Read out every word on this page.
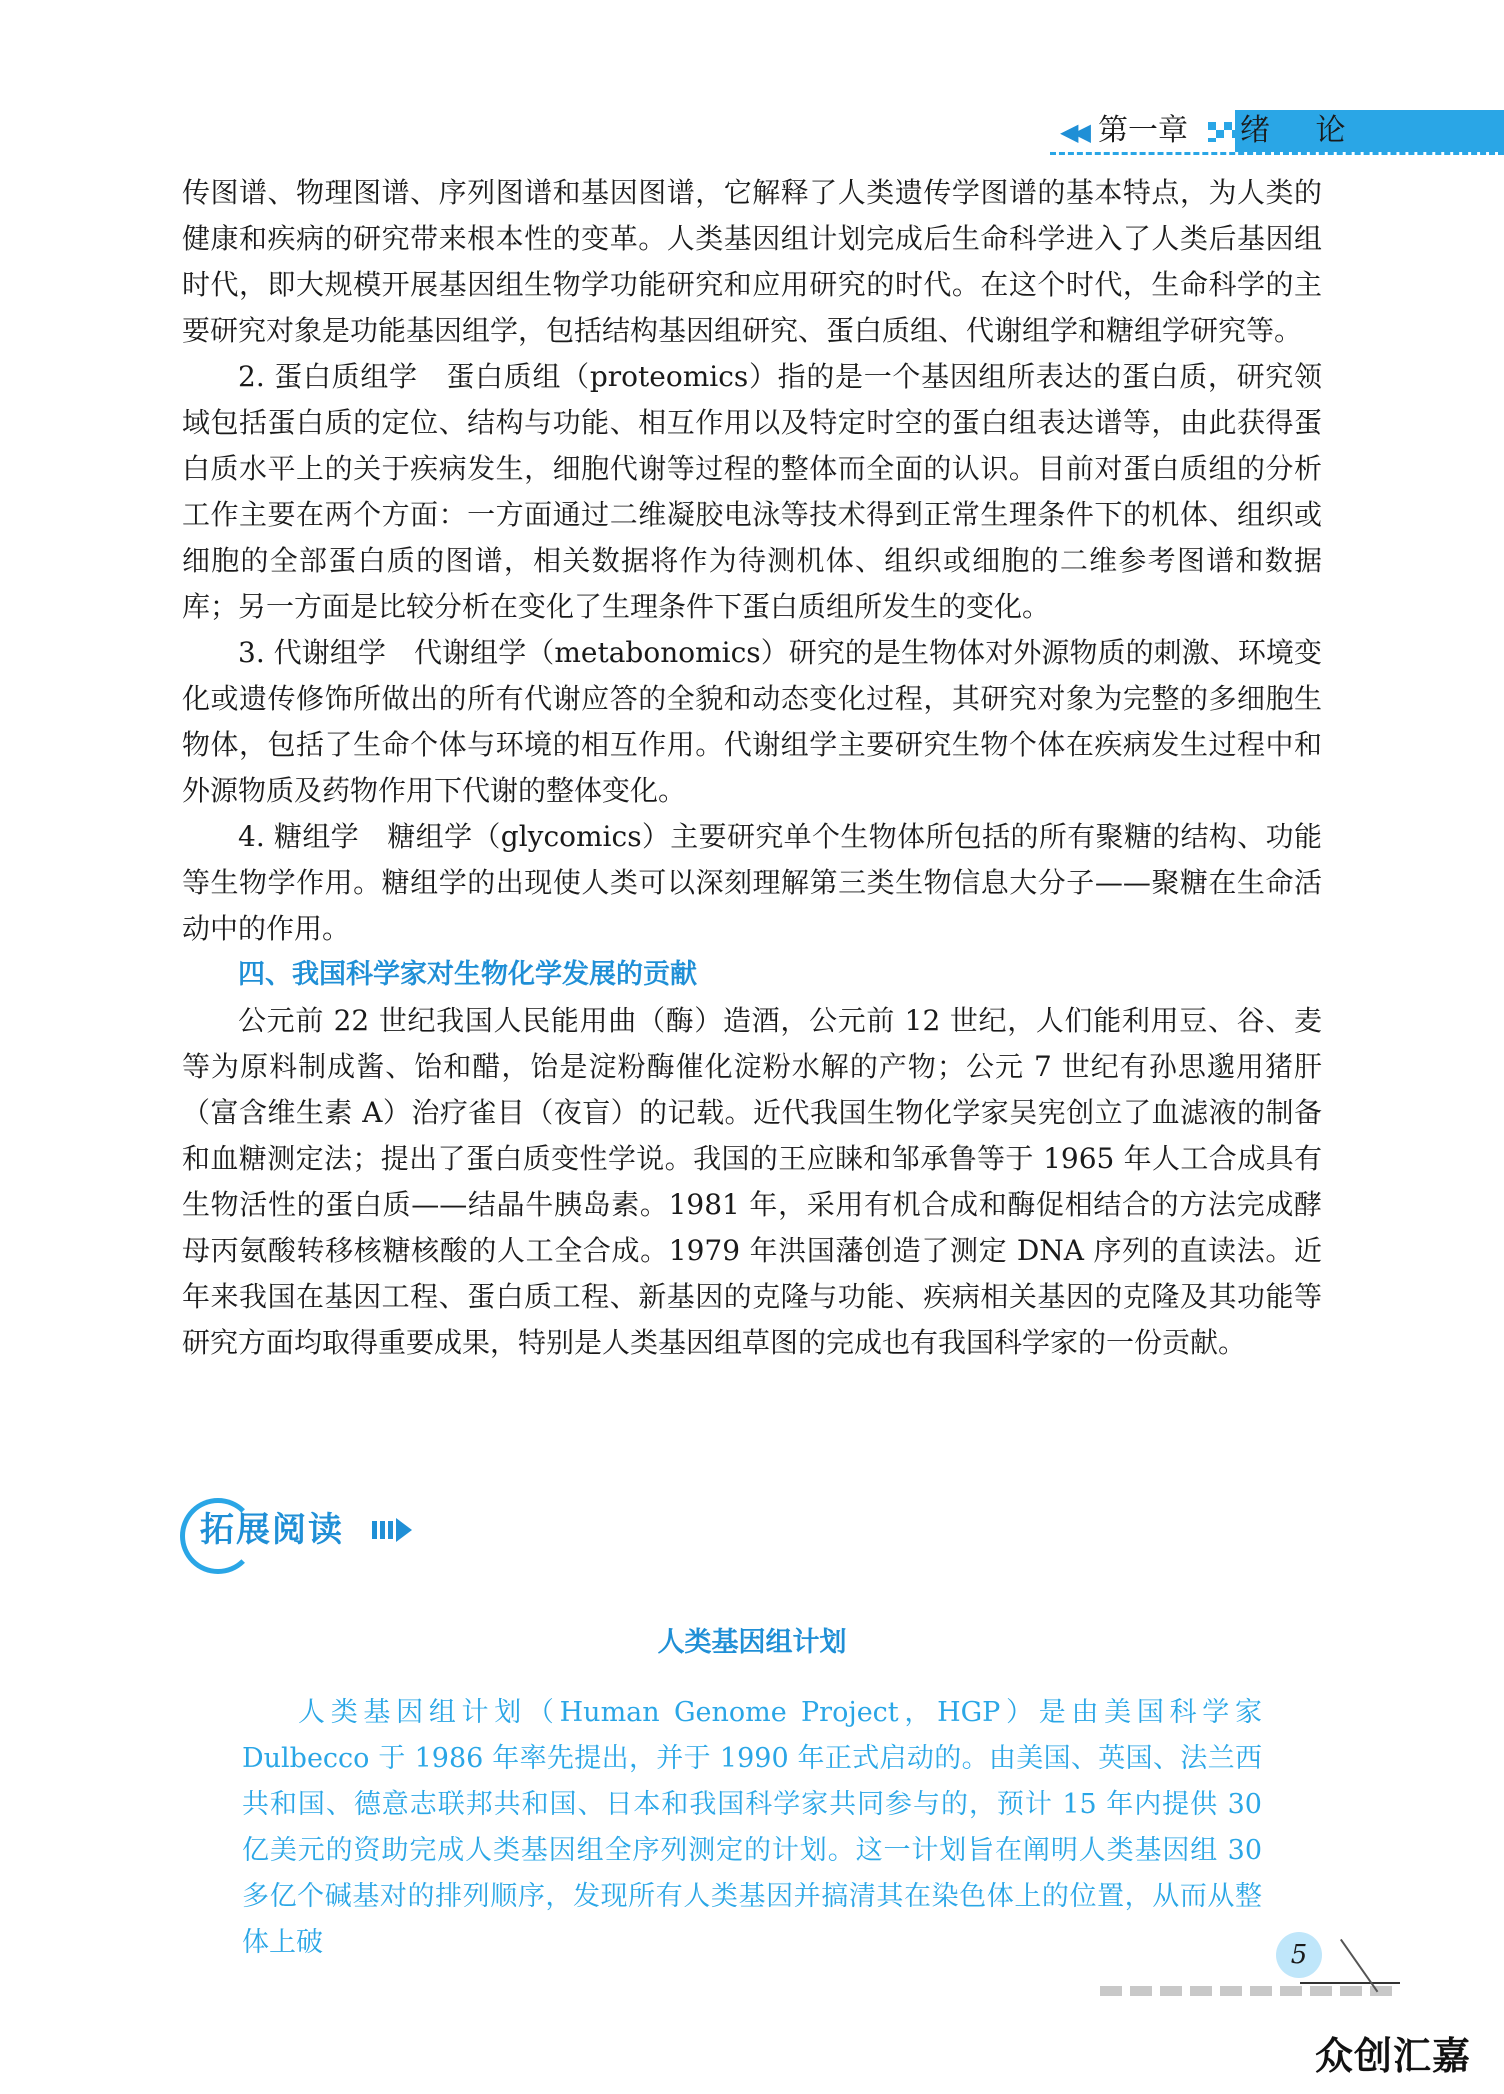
◀◀ 第一章 绪 论

传图谱、物理图谱、序列图谱和基因图谱，它解释了人类遗传学图谱的基本特点，为人类的健康和疾病的研究带来根本性的变革。人类基因组计划完成后生命科学进入了人类后基因组时代，即大规模开展基因组生物学功能研究和应用研究的时代。在这个时代，生命科学的主要研究对象是功能基因组学，包括结构基因组研究、蛋白质组、代谢组学和糖组学研究等。

2. 蛋白质组学　蛋白质组（proteomics）指的是一个基因组所表达的蛋白质，研究领域包括蛋白质的定位、结构与功能、相互作用以及特定时空的蛋白组表达谱等，由此获得蛋白质水平上的关于疾病发生，细胞代谢等过程的整体而全面的认识。目前对蛋白质组的分析工作主要在两个方面：一方面通过二维凝胶电泳等技术得到正常生理条件下的机体、组织或细胞的全部蛋白质的图谱，相关数据将作为待测机体、组织或细胞的二维参考图谱和数据库；另一方面是比较分析在变化了生理条件下蛋白质组所发生的变化。

3. 代谢组学　代谢组学（metabonomics）研究的是生物体对外源物质的刺激、环境变化或遗传修饰所做出的所有代谢应答的全貌和动态变化过程，其研究对象为完整的多细胞生物体，包括了生命个体与环境的相互作用。代谢组学主要研究生物个体在疾病发生过程中和外源物质及药物作用下代谢的整体变化。

4. 糖组学　糖组学（glycomics）主要研究单个生物体所包括的所有聚糖的结构、功能等生物学作用。糖组学的出现使人类可以深刻理解第三类生物信息大分子——聚糖在生命活动中的作用。

四、我国科学家对生物化学发展的贡献

公元前 22 世纪我国人民能用曲（酶）造酒，公元前 12 世纪，人们能利用豆、谷、麦等为原料制成酱、饴和醋，饴是淀粉酶催化淀粉水解的产物；公元 7 世纪有孙思邈用猪肝（富含维生素 A）治疗雀目（夜盲）的记载。近代我国生物化学家吴宪创立了血滤液的制备和血糖测定法；提出了蛋白质变性学说。我国的王应睐和邹承鲁等于 1965 年人工合成具有生物活性的蛋白质——结晶牛胰岛素。1981 年，采用有机合成和酶促相结合的方法完成酵母丙氨酸转移核糖核酸的人工全合成。1979 年洪国藩创造了测定 DNA 序列的直读法。近年来我国在基因工程、蛋白质工程、新基因的克隆与功能、疾病相关基因的克隆及其功能等研究方面均取得重要成果，特别是人类基因组草图的完成也有我国科学家的一份贡献。

拓展阅读
人类基因组计划

人类基因组计划（Human Genome Project，HGP）是由美国科学家 Dulbecco 于 1986 年率先提出，并于 1990 年正式启动的。由美国、英国、法兰西共和国、德意志联邦共和国、日本和我国科学家共同参与的，预计 15 年内提供 30 亿美元的资助完成人类基因组全序列测定的计划。这一计划旨在阐明人类基因组 30 多亿个碱基对的排列顺序，发现所有人类基因并搞清其在染色体上的位置，从而从整体上破	5
众创汇嘉
